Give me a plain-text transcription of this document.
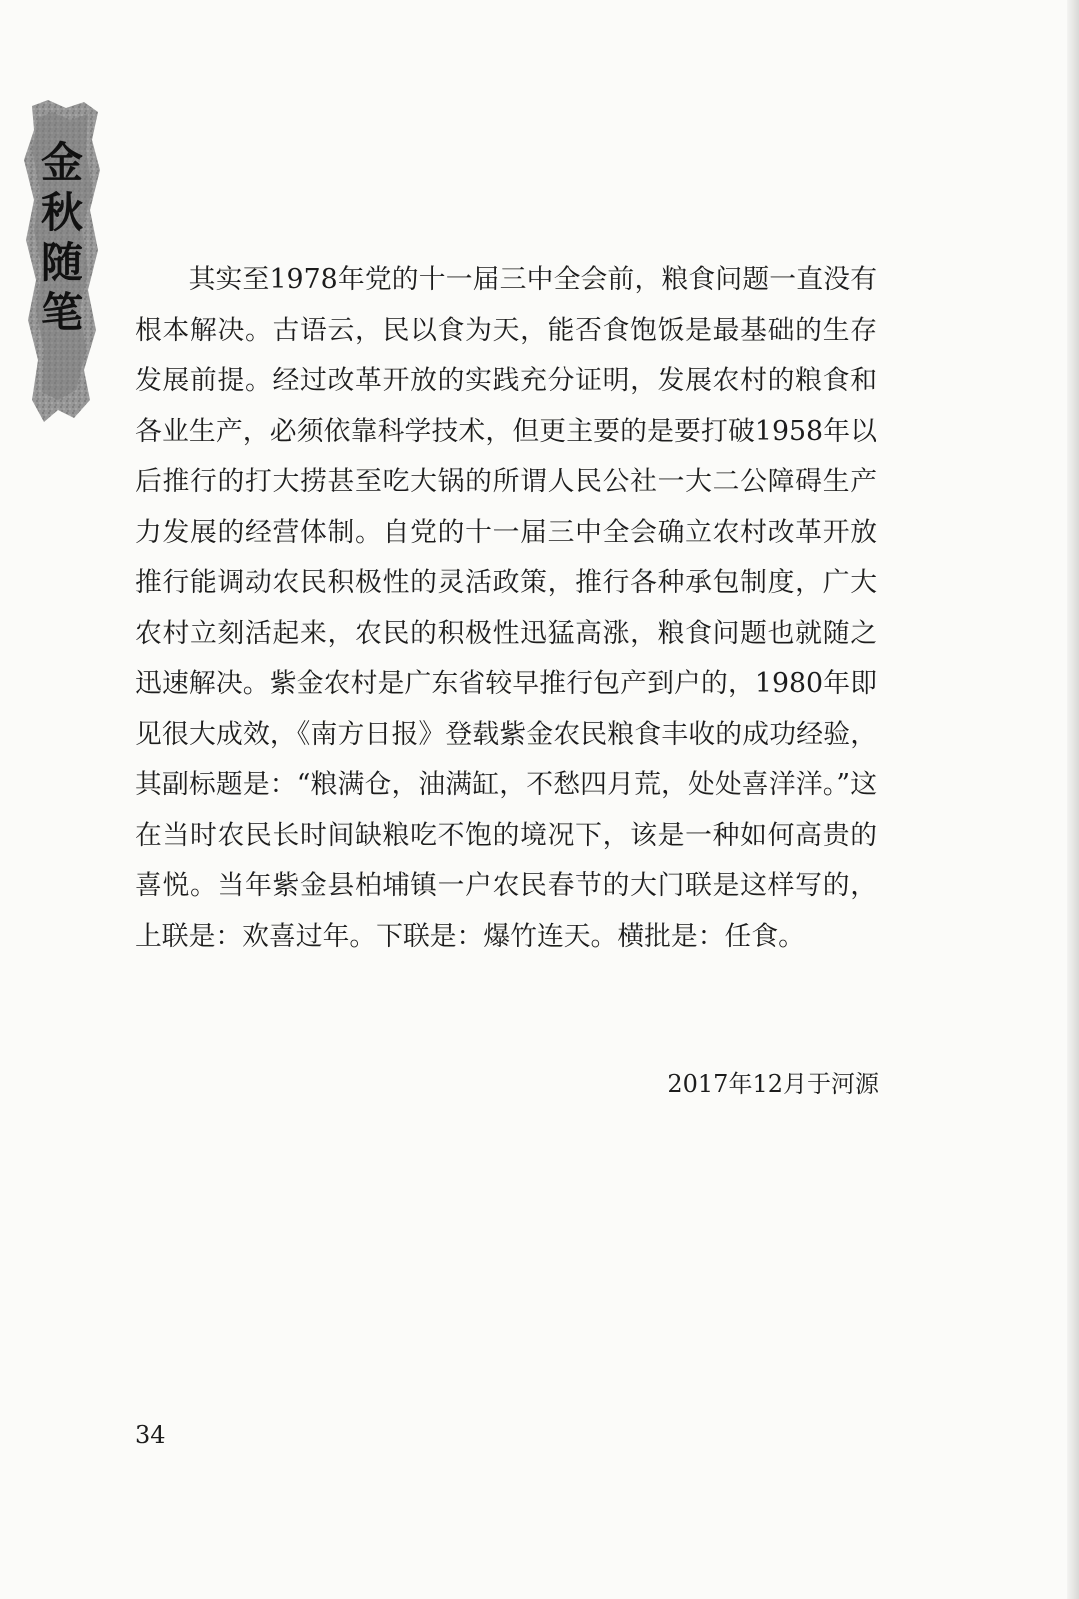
金秋随笔	其实至1978年党的十一届三中全会前，粮食问题一直没有根本解决。古语云，民以食为天，能否食饱饭是最基础的生存发展前提。经过改革开放的实践充分证明，发展农村的粮食和各业生产，必须依靠科学技术，但更主要的是要打破1958年以后推行的打大捞甚至吃大锅的所谓人民公社一大二公障碍生产力发展的经营体制。自党的十一届三中全会确立农村改革开放推行能调动农民积极性的灵活政策，推行各种承包制度，广大农村立刻活起来，农民的积极性迅猛高涨，粮食问题也就随之迅速解决。紫金农村是广东省较早推行包产到户的，1980年即见很大成效，《南方日报》登载紫金农民粮食丰收的成功经验，其副标题是：“粮满仓，油满缸，不愁四月荒，处处喜洋洋。”这在当时农民长时间缺粮吃不饱的境况下，该是一种如何高贵的喜悦。当年紫金县柏埔镇一户农民春节的大门联是这样写的，上联是：欢喜过年。下联是：爆竹连天。横批是：任食。

2017年12月于河源

34
